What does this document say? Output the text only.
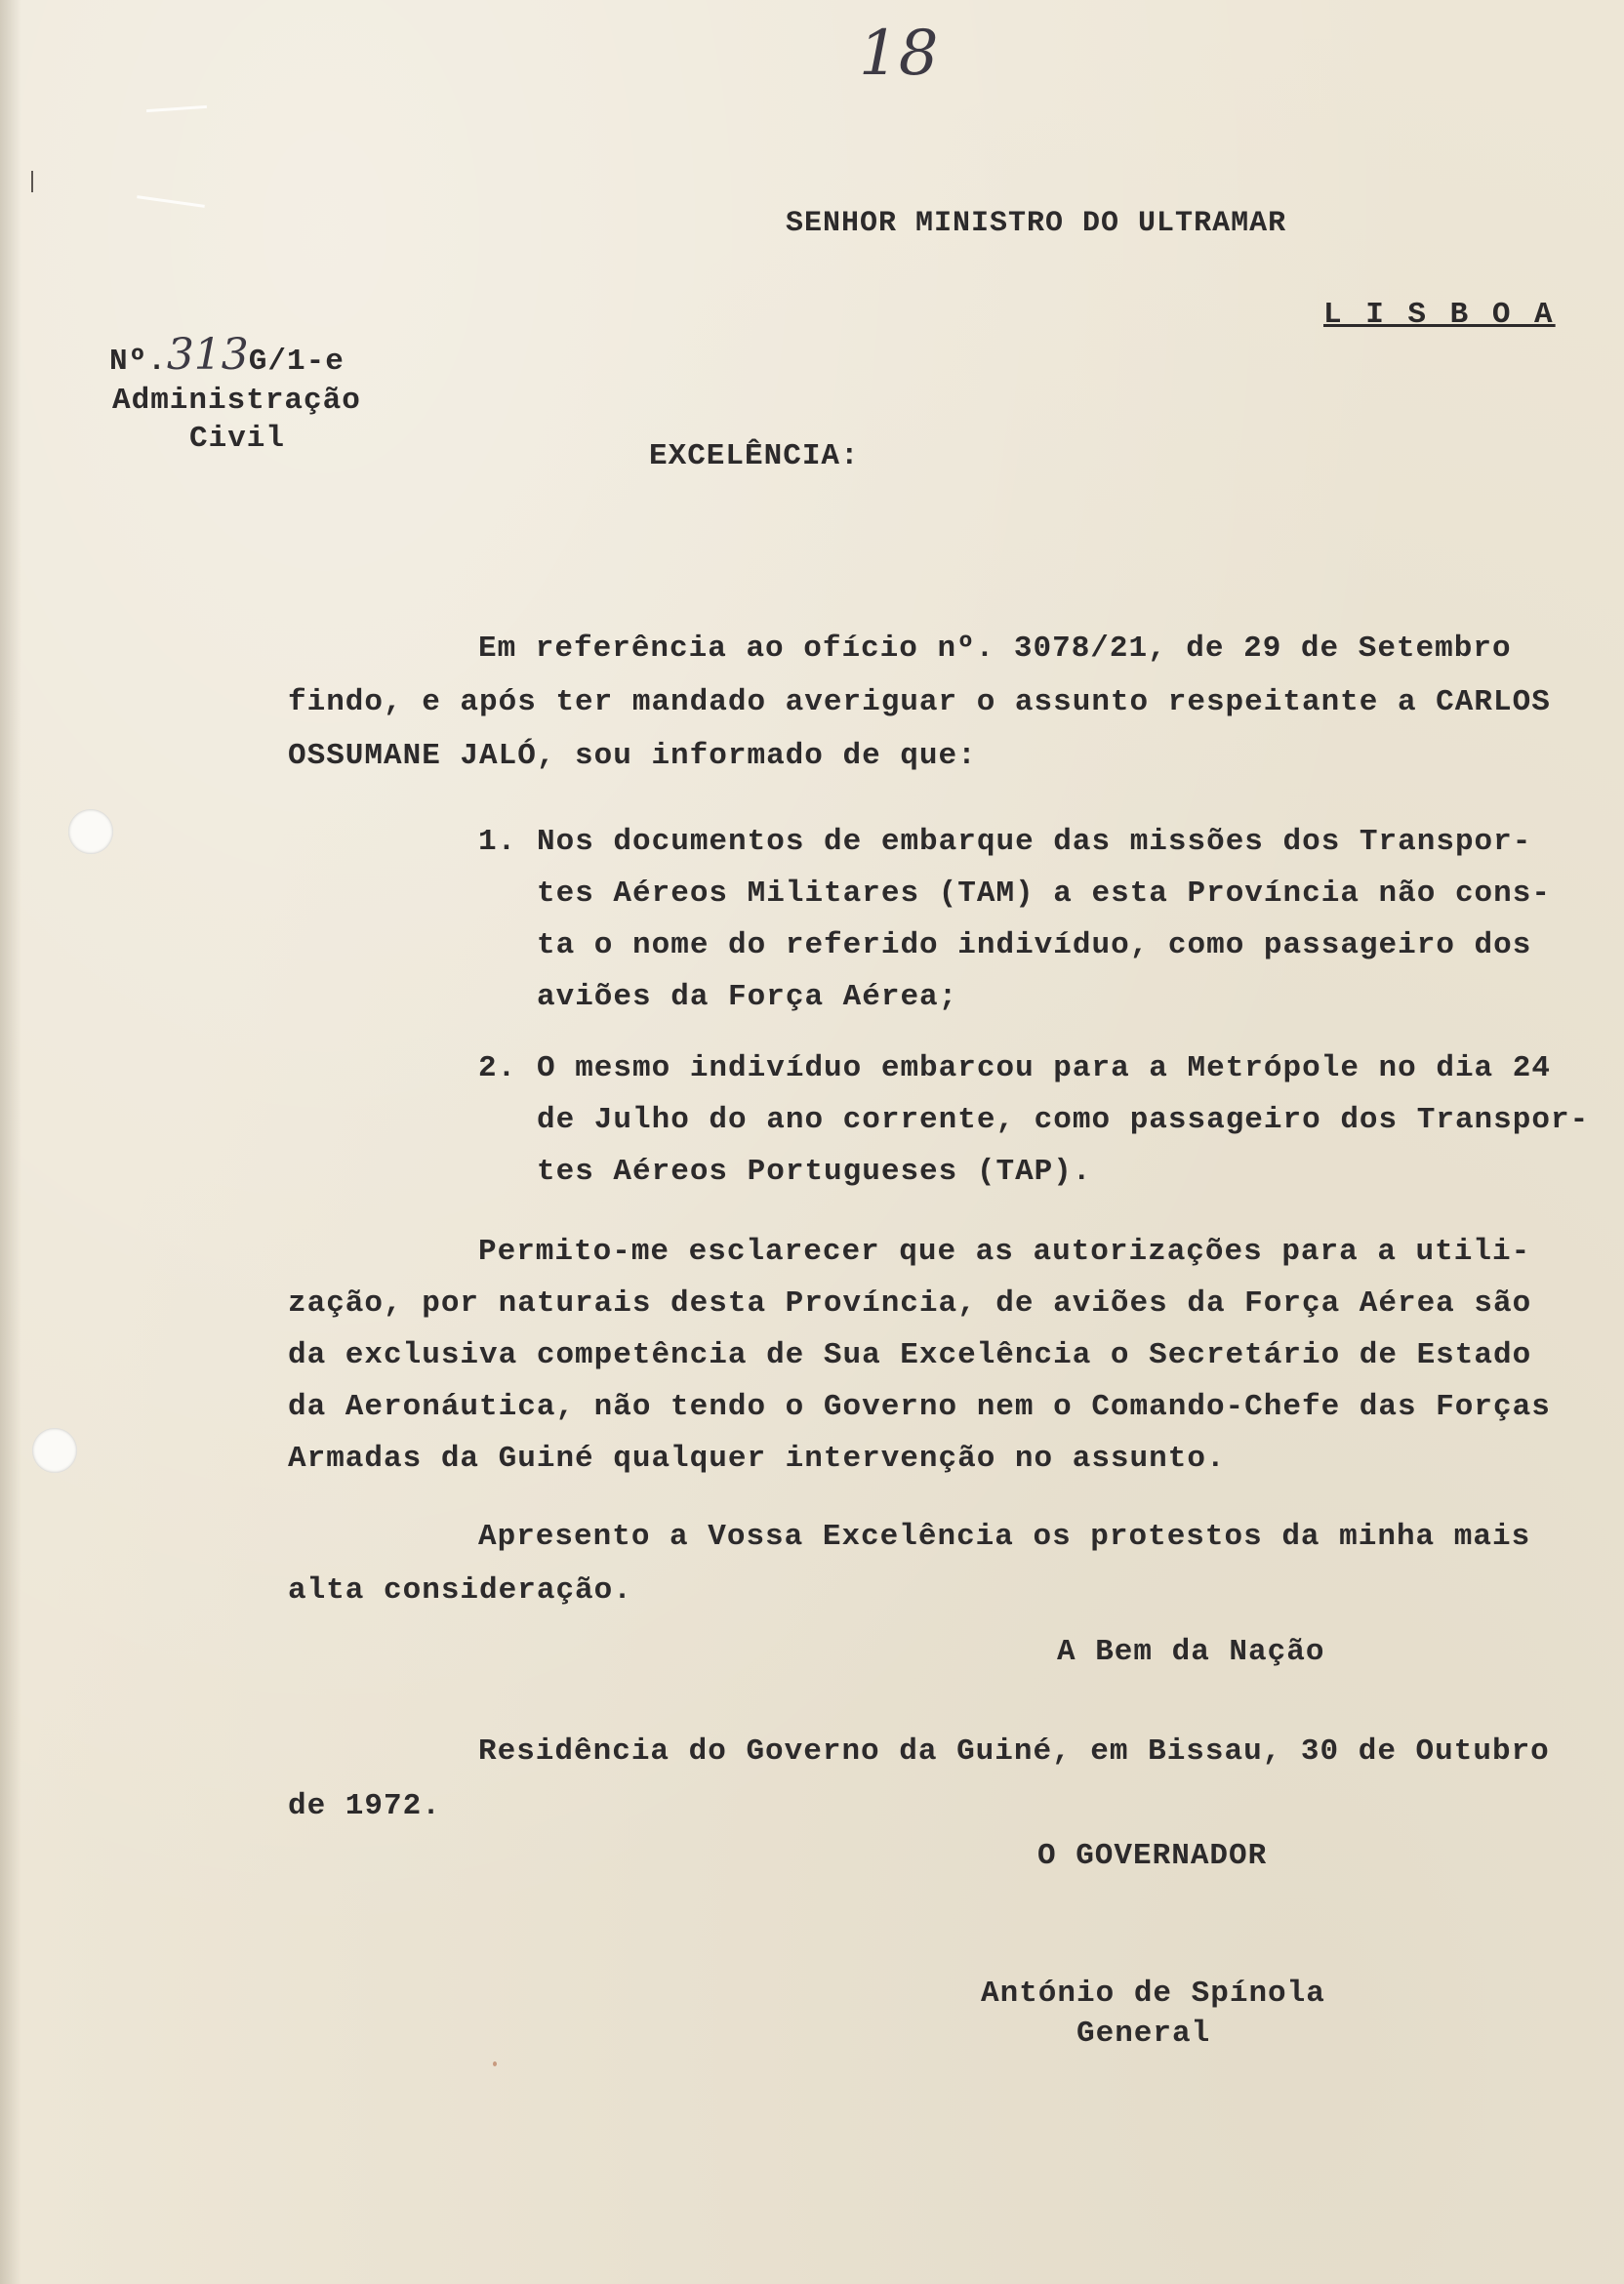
18
SENHOR MINISTRO DO ULTRAMAR
L I S B O A
Nº.313G/1-e
Administração
Civil
EXCELÊNCIA:
Em referência ao ofício nº. 3078/21, de 29 de Setembro
findo, e após ter mandado averiguar o assunto respeitante a CARLOS
OSSUMANE JALÓ, sou informado de que:
1. Nos documentos de embarque das missões dos Transpor-
tes Aéreos Militares (TAM) a esta Província não cons-
ta o nome do referido indivíduo, como passageiro dos
aviões da Força Aérea;
2. O mesmo indivíduo embarcou para a Metrópole no dia 24
de Julho do ano corrente, como passageiro dos Transpor-
tes Aéreos Portugueses (TAP).
Permito-me esclarecer que as autorizações para a utili-
zação, por naturais desta Província, de aviões da Força Aérea são
da exclusiva competência de Sua Excelência o Secretário de Estado
da Aeronáutica, não tendo o Governo nem o Comando-Chefe das Forças
Armadas da Guiné qualquer intervenção no assunto.
Apresento a Vossa Excelência os protestos da minha mais
alta consideração.
A Bem da Nação
Residência do Governo da Guiné, em Bissau, 30 de Outubro
de 1972.
O GOVERNADOR
António de Spínola
General
